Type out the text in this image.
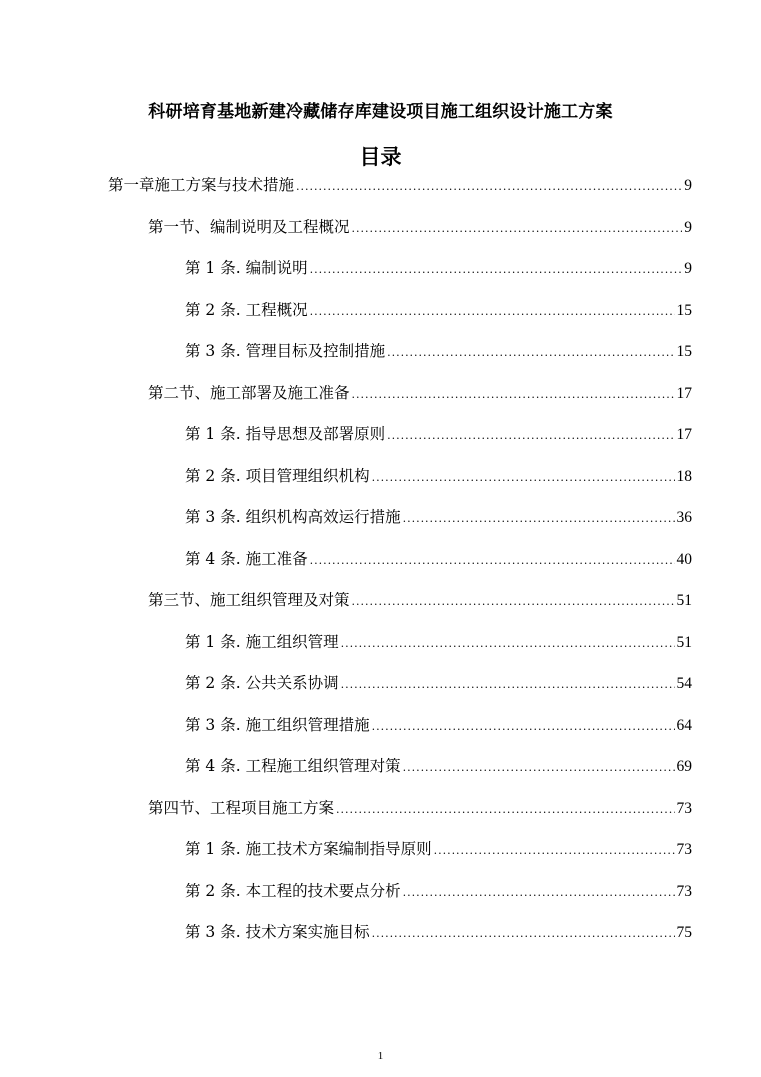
科研培育基地新建冷藏储存库建设项目施工组织设计施工方案
目录
第一章施工方案与技术措施 .....	9
第一节、编制说明及工程概况 .....	9
第 1 条. 编制说明 .....	9
第 2 条. 工程概况 .....	15
第 3 条. 管理目标及控制措施 .....	15
第二节、施工部署及施工准备 .....	17
第 1 条. 指导思想及部署原则 .....	17
第 2 条. 项目管理组织机构 .....	18
第 3 条. 组织机构高效运行措施 .....	36
第 4 条. 施工准备 .....	40
第三节、施工组织管理及对策 .....	51
第 1 条. 施工组织管理 .....	51
第 2 条. 公共关系协调 .....	54
第 3 条. 施工组织管理措施 .....	64
第 4 条. 工程施工组织管理对策 .....	69
第四节、工程项目施工方案 .....	73
第 1 条. 施工技术方案编制指导原则 .....	73
第 2 条. 本工程的技术要点分析 .....	73
第 3 条. 技术方案实施目标 .....	75
1
